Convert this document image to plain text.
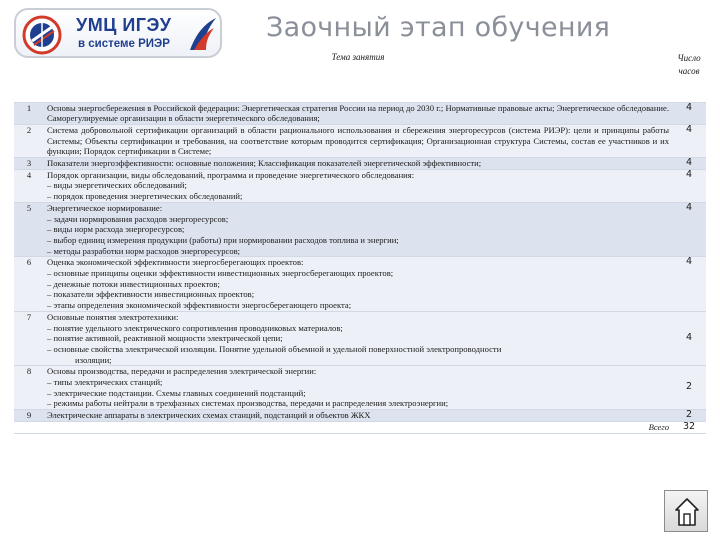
УМЦ ИГЭУ
в системе РИЭР
Заочный этап обучения
	Тема занятия	Число
часов

1	Основы энергосбережения в Российской федерации: Энергетическая стратегия России на период до 2030 г.; Нормативные правовые акты; Энергетическое обследование. Саморегулируемые организации в области энергетического обследования;	4
2	Система добровольной сертификации организаций в области рационального использования и сбережения энергоресурсов (система РИЭР): цели и принципы работы Системы; Объекты сертификации и требования, на соответствие которым проводится сертификация; Организационная структура Системы, состав ее участников и их функции; Порядок сертификации в Системе;	4
3	Показатели энергоэффективности: основные положения; Классификация показателей энергетической эффективности;	4
4	Порядок организации, виды обследований, программа и проведение энергетического обследования:
– виды энергетических обследований;
– порядок проведения энергетических обследований;	4
5	Энергетическое нормирование:
– задачи нормирования расходов энергоресурсов;
– виды норм расхода энергоресурсов;
– выбор единиц измерения продукции (работы) при нормировании расходов топлива и энергии;
– методы разработки норм расходов энергоресурсов;	4
6	Оценка экономической эффективности энергосберегающих проектов:
– основные принципы оценки эффективности инвестиционных энергосберегающих проектов;
– денежные потоки инвестиционных проектов;
– показатели эффективности инвестиционных проектов;
– этапы определения экономической эффективности энергосберегающего проекта;	4
7	Основные понятия электротехники:
– понятие удельного электрического сопротивления проводниковых материалов;
– понятие активной, реактивной мощности электрической цепи;
– основные свойства электрической изоляции. Понятие удельной объемной и удельной поверхностной электропроводности
изоляции;	4
8	Основы производства, передачи и распределения электрической энергии:
– типы электрических станций;
– электрические подстанции. Схемы главных соединений подстанций;
– режимы работы нейтрали в трехфазных системах производства, передачи и распределения электроэнергии;	2
9	Электрические аппараты в электрических схемах станций, подстанций и объектов ЖКХ	2
	Всего	32
